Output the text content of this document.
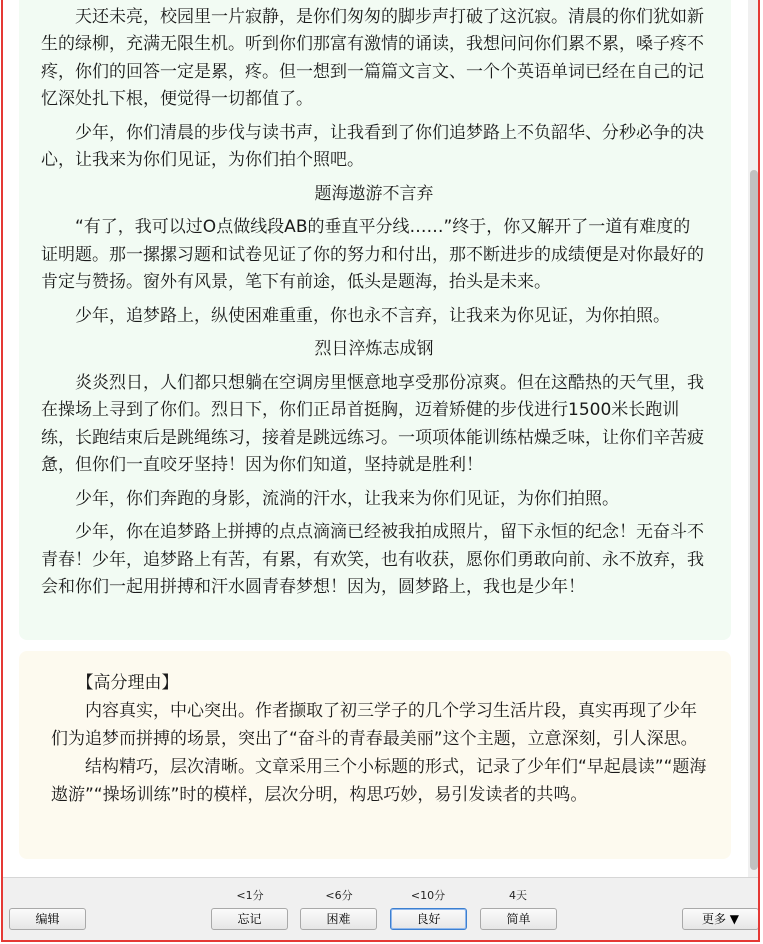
天还未亮，校园里一片寂静，是你们匆匆的脚步声打破了这沉寂。清晨的你们犹如新生的绿柳，充满无限生机。听到你们那富有激情的诵读，我想问问你们累不累，嗓子疼不疼，你们的回答一定是累，疼。但一想到一篇篇文言文、一个个英语单词已经在自己的记忆深处扎下根，便觉得一切都值了。

少年，你们清晨的步伐与读书声，让我看到了你们追梦路上不负韶华、分秒必争的决心，让我来为你们见证，为你们拍个照吧。

题海遨游不言弃

“有了，我可以过O点做线段AB的垂直平分线……”终于，你又解开了一道有难度的证明题。那一摞摞习题和试卷见证了你的努力和付出，那不断进步的成绩便是对你最好的肯定与赞扬。窗外有风景，笔下有前途，低头是题海，抬头是未来。

少年，追梦路上，纵使困难重重，你也永不言弃，让我来为你见证，为你拍照。

烈日淬炼志成钢

炎炎烈日，人们都只想躺在空调房里惬意地享受那份凉爽。但在这酷热的天气里，我在操场上寻到了你们。烈日下，你们正昂首挺胸，迈着矫健的步伐进行1500米长跑训练，长跑结束后是跳绳练习，接着是跳远练习。一项项体能训练枯燥乏味，让你们辛苦疲惫，但你们一直咬牙坚持！因为你们知道，坚持就是胜利！

少年，你们奔跑的身影，流淌的汗水，让我来为你们见证，为你们拍照。

少年，你在追梦路上拼搏的点点滴滴已经被我拍成照片，留下永恒的纪念！无奋斗不青春！少年，追梦路上有苦，有累，有欢笑，也有收获，愿你们勇敢向前、永不放弃，我会和你们一起用拼搏和汗水圆青春梦想！因为，圆梦路上，我也是少年！

【高分理由】

内容真实，中心突出。作者撷取了初三学子的几个学习生活片段，真实再现了少年们为追梦而拼搏的场景，突出了“奋斗的青春最美丽”这个主题，立意深刻，引人深思。

结构精巧，层次清晰。文章采用三个小标题的形式，记录了少年们“早起晨读”“题海遨游”“操场训练”时的模样，层次分明，构思巧妙，易引发读者的共鸣。

编辑
<1分
忘记
<6分
困难
<10分
良好
4天
简单	更多 ▼
